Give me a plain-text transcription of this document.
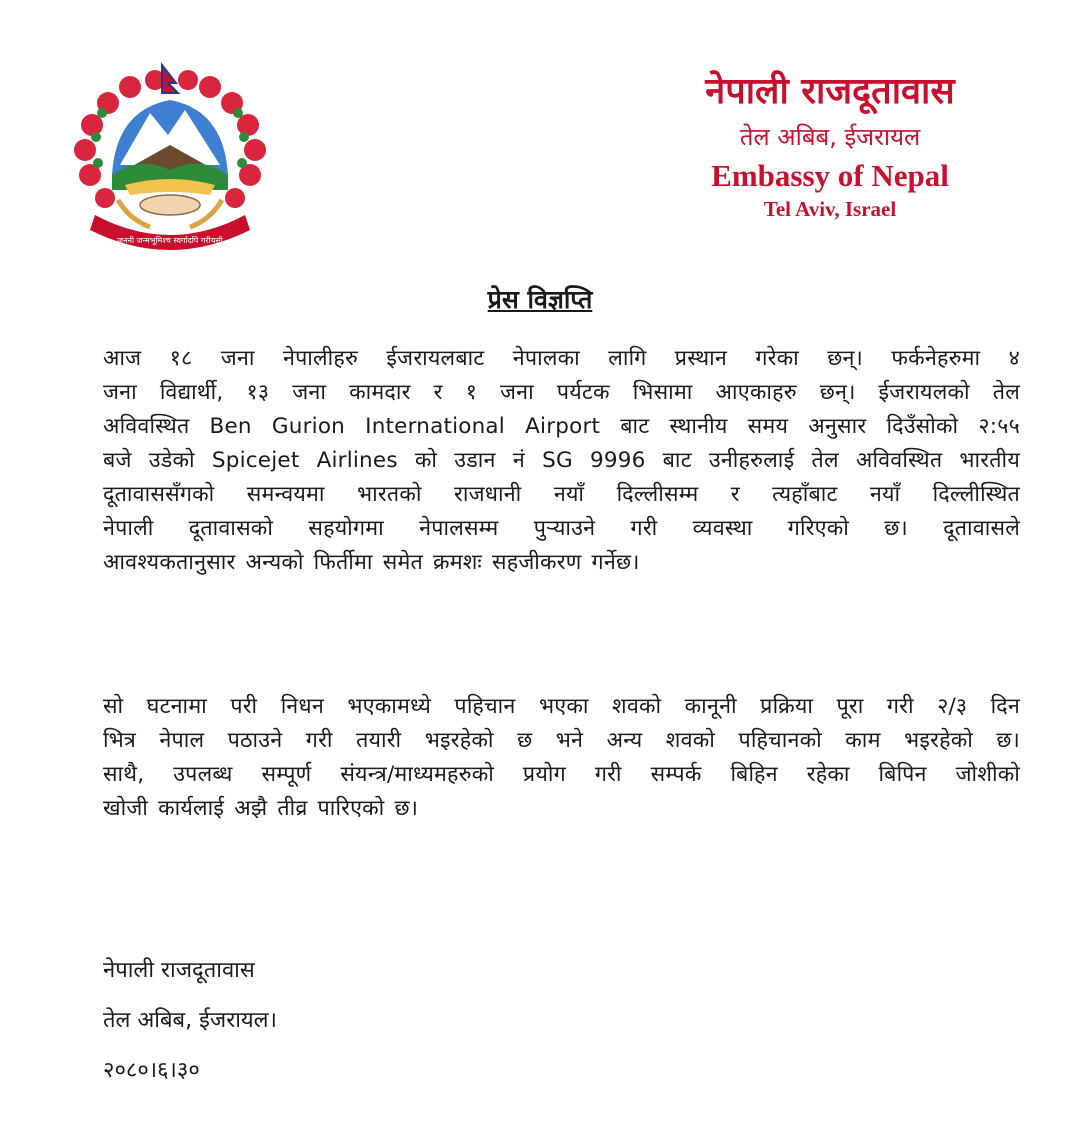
जननी जन्मभूमिश्च स्वर्गादपि गरीयसी
नेपाली राजदूतावास
तेल अबिब, ईजरायल
Embassy of Nepal
Tel Aviv, Israel
प्रेस विज्ञप्ति
आज १८ जना नेपालीहरु ईजरायलबाट नेपालका लागि प्रस्थान गरेका छन्। फर्कनेहरुमा ४
जना विद्यार्थी, १३ जना कामदार र १ जना पर्यटक भिसामा आएकाहरु छन्। ईजरायलको तेल
अविवस्थित Ben Gurion International Airport बाट स्थानीय समय अनुसार दिउँसोको २:५५
बजे उडेको Spicejet Airlines को उडान नं SG 9996 बाट उनीहरुलाई तेल अविवस्थित भारतीय
दूतावाससँगको समन्वयमा भारतको राजधानी नयाँ दिल्लीसम्म र त्यहाँबाट नयाँ दिल्लीस्थित
नेपाली दूतावासको सहयोगमा नेपालसम्म पुऱ्याउने गरी व्यवस्था गरिएको छ। दूतावासले
आवश्यकतानुसार अन्यको फिर्तीमा समेत क्रमशः सहजीकरण गर्नेछ।
सो घटनामा परी निधन भएकामध्ये पहिचान भएका शवको कानूनी प्रक्रिया पूरा गरी २/३ दिन
भित्र नेपाल पठाउने गरी तयारी भइरहेको छ भने अन्य शवको पहिचानको काम भइरहेको छ।
साथै, उपलब्ध सम्पूर्ण संयन्त्र/माध्यमहरुको प्रयोग गरी सम्पर्क बिहिन रहेका बिपिन जोशीको
खोजी कार्यलाई अझै तीव्र पारिएको छ।
नेपाली राजदूतावास
तेल अबिब, ईजरायल।
२०८०।६।३०
